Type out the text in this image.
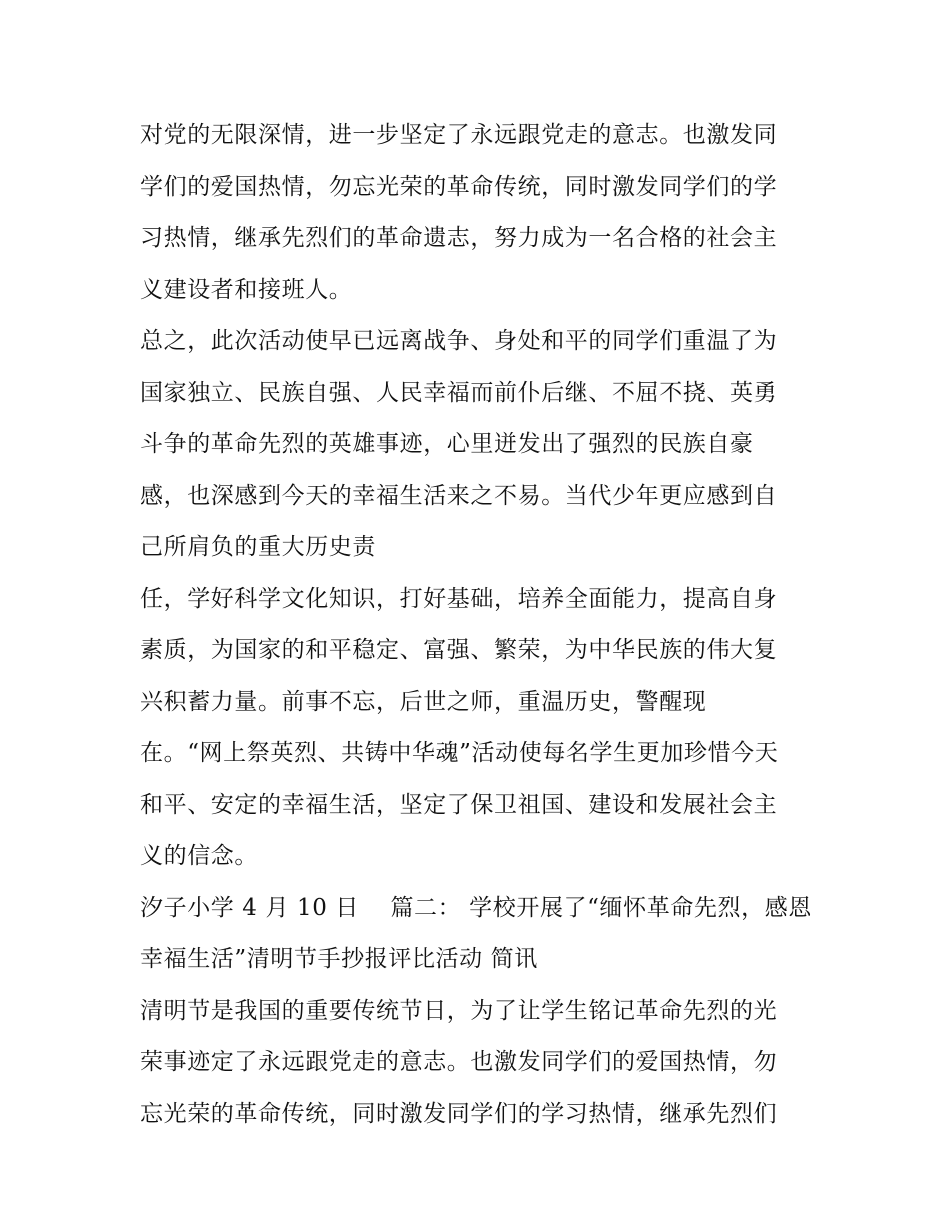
对党的无限深情，进一步坚定了永远跟党走的意志。也激发同
学们的爱国热情，勿忘光荣的革命传统，同时激发同学们的学
习热情，继承先烈们的革命遗志，努力成为一名合格的社会主
义建设者和接班人。
总之，此次活动使早已远离战争、身处和平的同学们重温了为
国家独立、民族自强、人民幸福而前仆后继、不屈不挠、英勇
斗争的革命先烈的英雄事迹，心里迸发出了强烈的民族自豪
感，也深感到今天的幸福生活来之不易。当代少年更应感到自
己所肩负的重大历史责
任，学好科学文化知识，打好基础，培养全面能力，提高自身
素质，为国家的和平稳定、富强、繁荣，为中华民族的伟大复
兴积蓄力量。前事不忘，后世之师，重温历史，警醒现
在。“网上祭英烈、共铸中华魂”活动使每名学生更加珍惜今天
和平、安定的幸福生活，坚定了保卫祖国、建设和发展社会主
义的信念。
汐子小学 4 月 10 日　 篇二： 学校开展了“缅怀革命先烈，感恩
幸福生活”清明节手抄报评比活动 简讯
清明节是我国的重要传统节日，为了让学生铭记革命先烈的光
荣事迹定了永远跟党走的意志。也激发同学们的爱国热情，勿
忘光荣的革命传统，同时激发同学们的学习热情，继承先烈们
